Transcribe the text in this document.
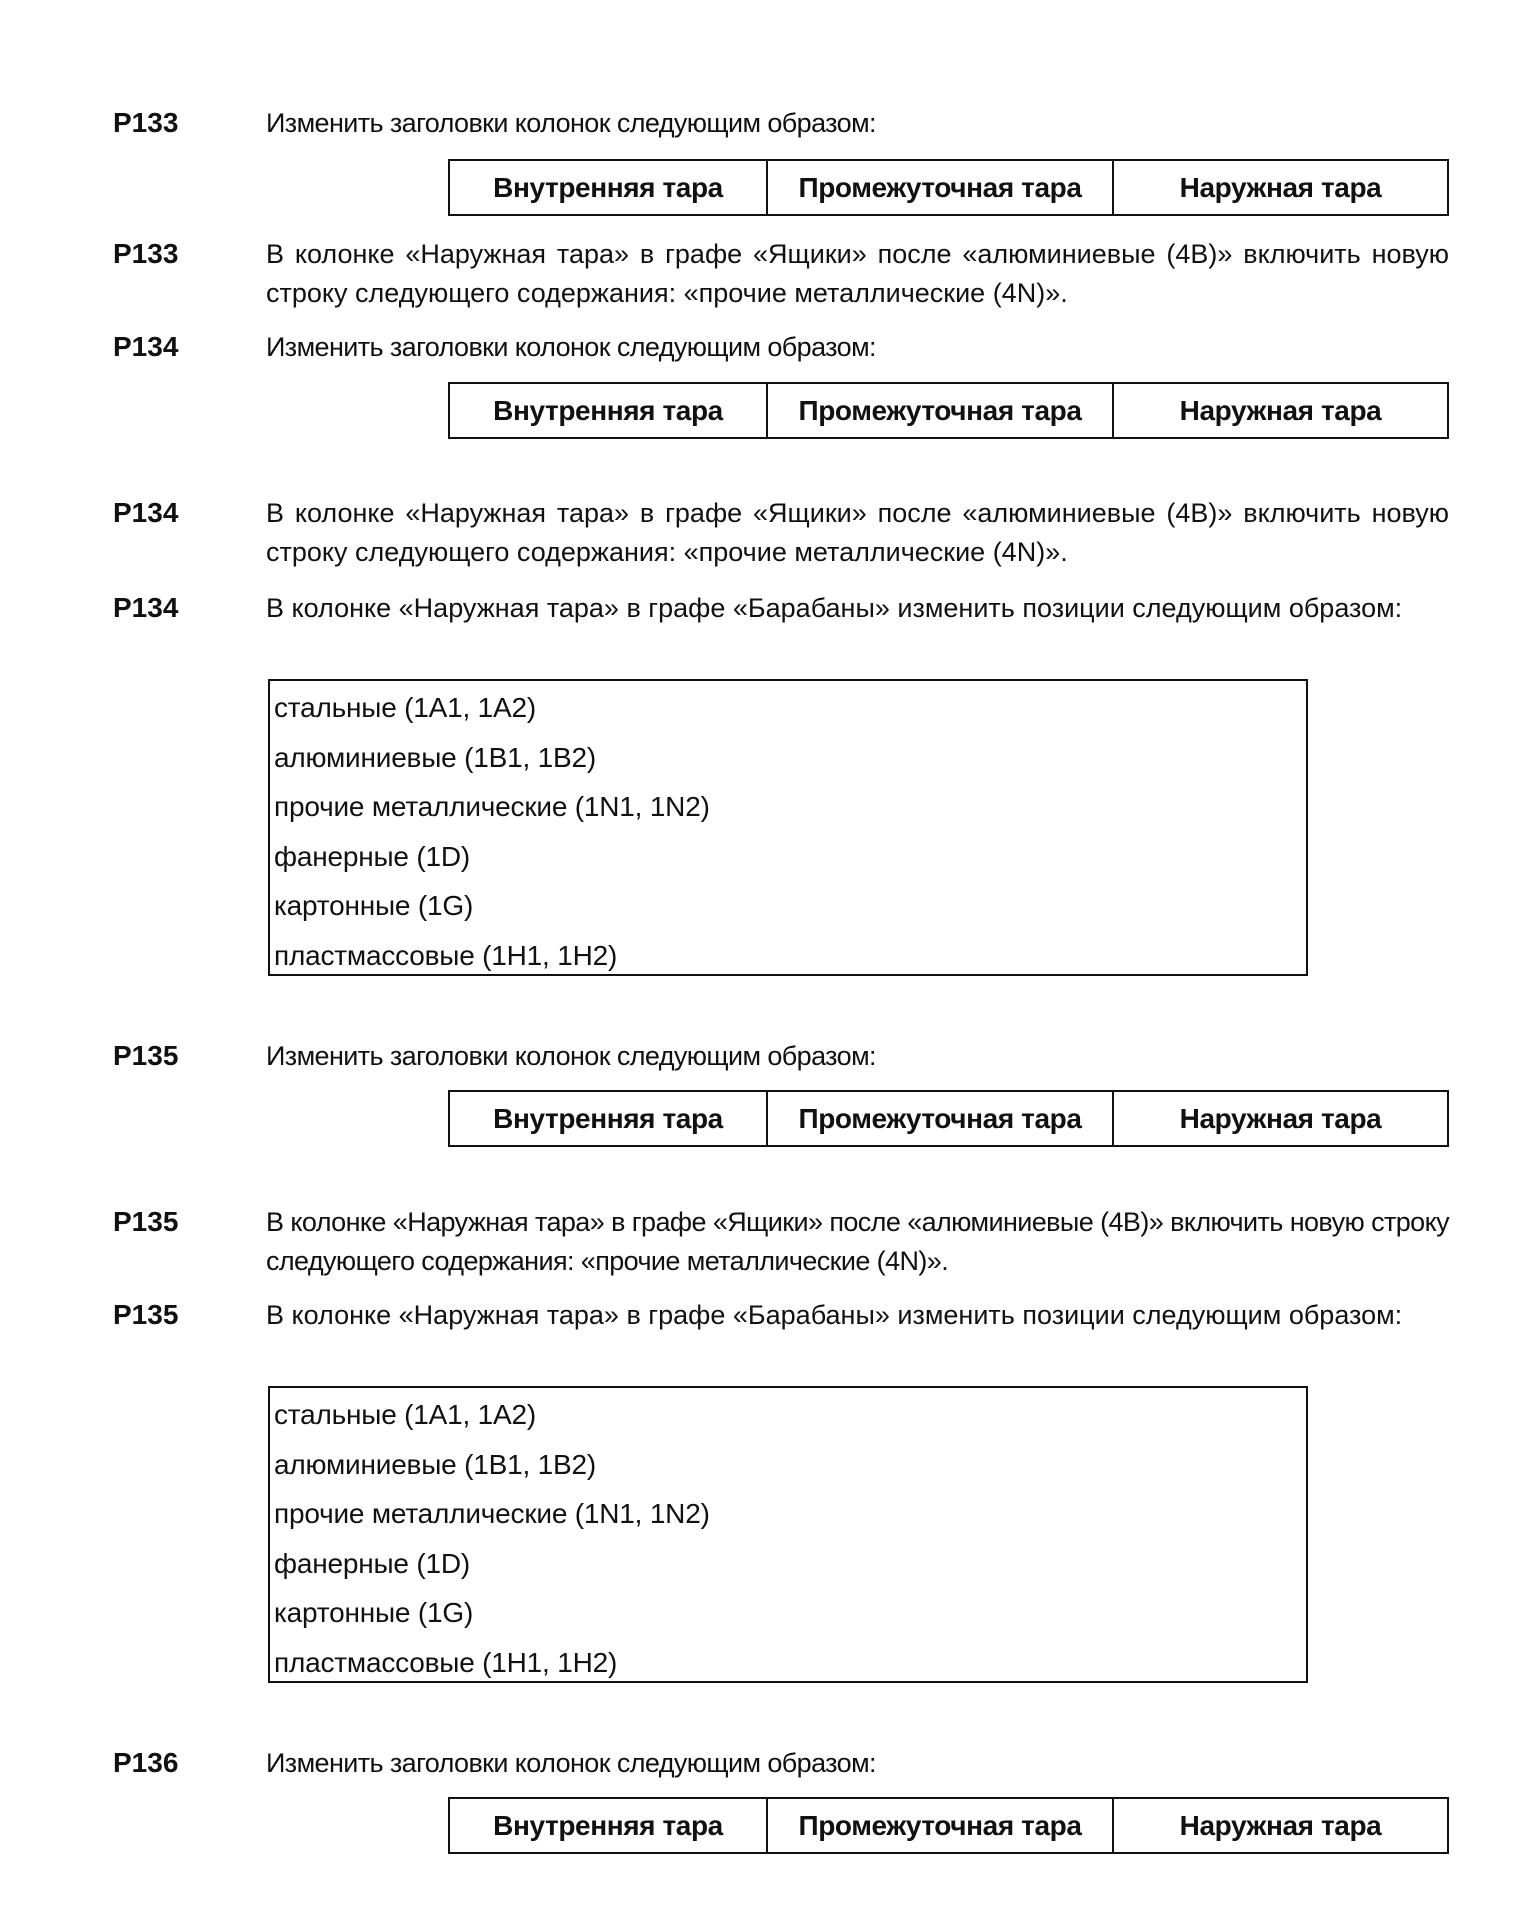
P133	Изменить заголовки колонок следующим образом:
Внутренняя тара	Промежуточная тара	Наружная тара
P133	В колонке «Наружная тара» в графе «Ящики» после «алюминиевые (4B)» включить новую строку следующего содержания: «прочие металлические (4N)».
P134	Изменить заголовки колонок следующим образом:
Внутренняя тара	Промежуточная тара	Наружная тара
P134	В колонке «Наружная тара» в графе «Ящики» после «алюминиевые (4B)» включить новую строку следующего содержания: «прочие металлические (4N)».
P134	В колонке «Наружная тара» в графе «Барабаны» изменить позиции следующим образом:
стальные (1A1, 1A2)
алюминиевые (1B1, 1B2)
прочие металлические (1N1, 1N2)
фанерные (1D)
картонные (1G)
пластмассовые (1H1, 1H2)
P135	Изменить заголовки колонок следующим образом:
Внутренняя тара	Промежуточная тара	Наружная тара
P135	В колонке «Наружная тара» в графе «Ящики» после «алюминиевые (4B)» включить новую строку следующего содержания: «прочие металлические (4N)».
P135	В колонке «Наружная тара» в графе «Барабаны» изменить позиции следующим образом:
стальные (1A1, 1A2)
алюминиевые (1B1, 1B2)
прочие металлические (1N1, 1N2)
фанерные (1D)
картонные (1G)
пластмассовые (1H1, 1H2)
P136	Изменить заголовки колонок следующим образом:
Внутренняя тара	Промежуточная тара	Наружная тара
